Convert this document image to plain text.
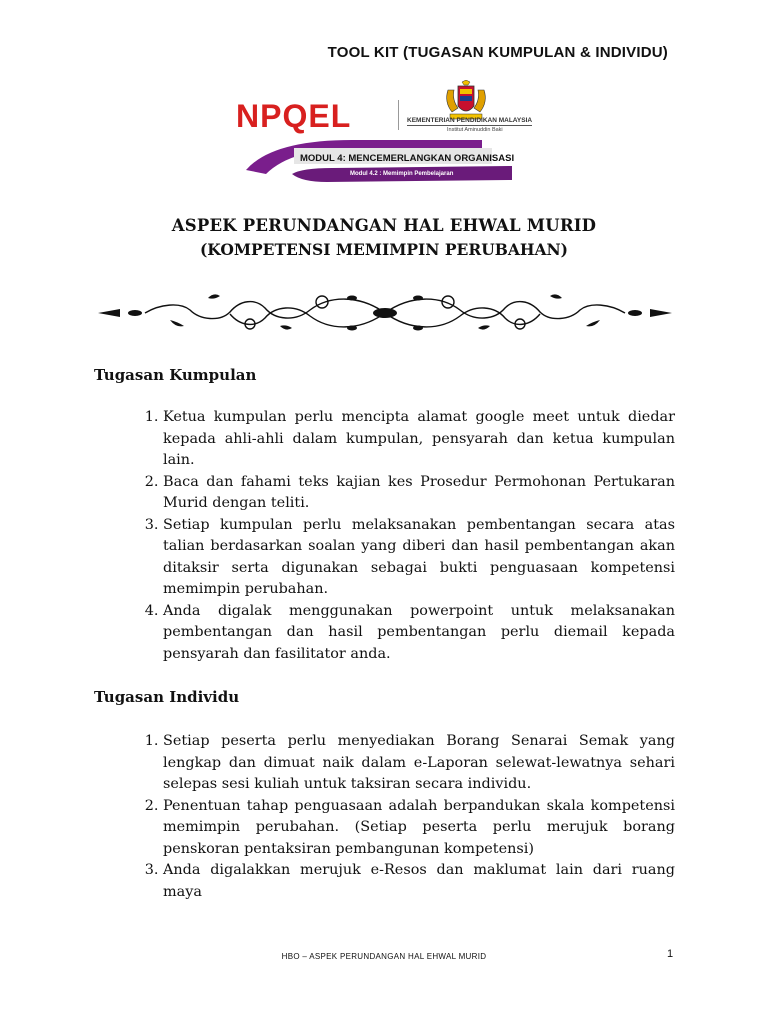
TOOL KIT (TUGASAN KUMPULAN & INDIVIDU)
NPQEL	KEMENTERIAN PENDIDIKAN MALAYSIA
Institut Aminuddin Baki
MODUL 4: MENCEMERLANGKAN ORGANISASI
Modul 4.2 : Memimpin Pembelajaran
ASPEK PERUNDANGAN HAL EHWAL MURID
(KOMPETENSI MEMIMPIN PERUBAHAN)
Tugasan Kumpulan
1. Ketua kumpulan perlu mencipta alamat google meet untuk diedar kepada ahli-ahli dalam kumpulan, pensyarah dan ketua kumpulan lain.
2. Baca dan fahami teks kajian kes Prosedur Permohonan Pertukaran Murid dengan teliti.
3. Setiap kumpulan perlu melaksanakan pembentangan secara atas talian berdasarkan soalan yang diberi dan hasil pembentangan akan ditaksir serta digunakan sebagai bukti penguasaan kompetensi memimpin perubahan.
4. Anda digalak menggunakan powerpoint untuk melaksanakan pembentangan dan hasil pembentangan perlu diemail kepada pensyarah dan fasilitator anda.
Tugasan Individu
1. Setiap peserta perlu menyediakan Borang Senarai Semak yang lengkap dan dimuat naik dalam e-Laporan selewat-lewatnya sehari selepas sesi kuliah untuk taksiran secara individu.
2. Penentuan tahap penguasaan adalah berpandukan skala kompetensi memimpin perubahan. (Setiap peserta perlu merujuk borang penskoran pentaksiran pembangunan kompetensi)
3. Anda digalakkan merujuk e-Resos dan maklumat lain dari ruang maya
HBO – ASPEK PERUNDANGAN HAL EHWAL MURID	1
